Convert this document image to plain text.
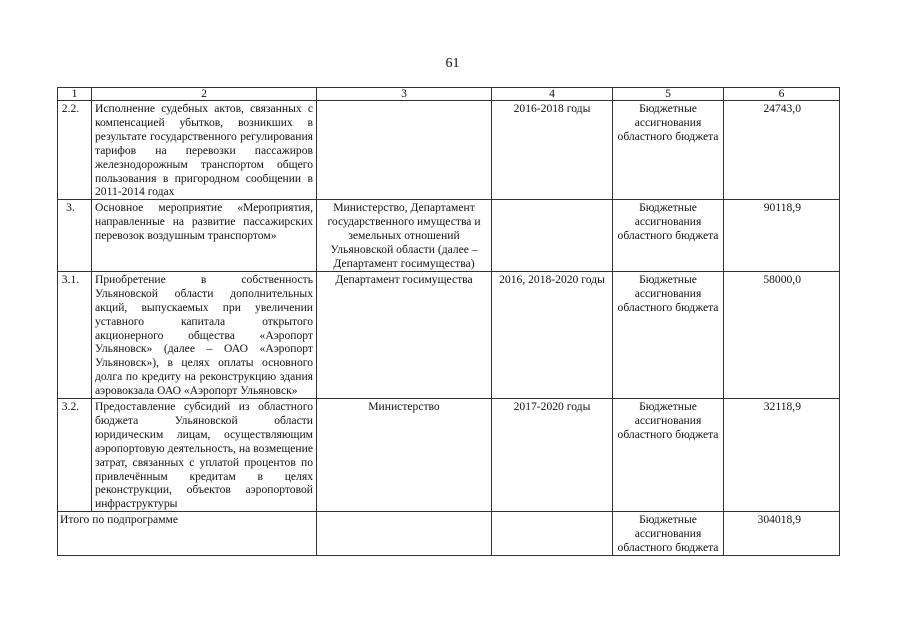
61
1	2	3	4	5	6
2.2.	Исполнение судебных актов, связанных с компенсацией убытков, возникших в результате государственного регулирования тарифов на перевозки пассажиров железнодорожным транспортом общего пользования в пригородном сообщении в 2011-2014 годах		2016-2018 годы	Бюджетные ассигнования областного бюджета	24743,0
3.	Основное мероприятие «Мероприятия, направленные на развитие пассажирских перевозок воздушным транспортом»	Министерство, Департамент государственного имущества и земельных отношений Ульяновской области (далее – Департамент госимущества)		Бюджетные ассигнования областного бюджета	90118,9
3.1.	Приобретение в собственность Ульяновской области дополнительных акций, выпускаемых при увеличении уставного капитала открытого акционерного общества «Аэропорт Ульяновск» (далее – ОАО «Аэропорт Ульяновск»), в целях оплаты основного долга по кредиту на реконструкцию здания аэровокзала ОАО «Аэропорт Ульяновск»	Департамент госимущества	2016, 2018-2020 годы	Бюджетные ассигнования областного бюджета	58000,0
3.2.	Предоставление субсидий из областного бюджета Ульяновской области юридическим лицам, осуществляющим аэропортовую деятельность, на возмещение затрат, связанных с уплатой процентов по привлечённым кредитам в целях реконструкции, объектов аэропортовой инфраструктуры	Министерство	2017-2020 годы	Бюджетные ассигнования областного бюджета	32118,9
Итого по подпрограмме				Бюджетные ассигнования областного бюджета	304018,9
